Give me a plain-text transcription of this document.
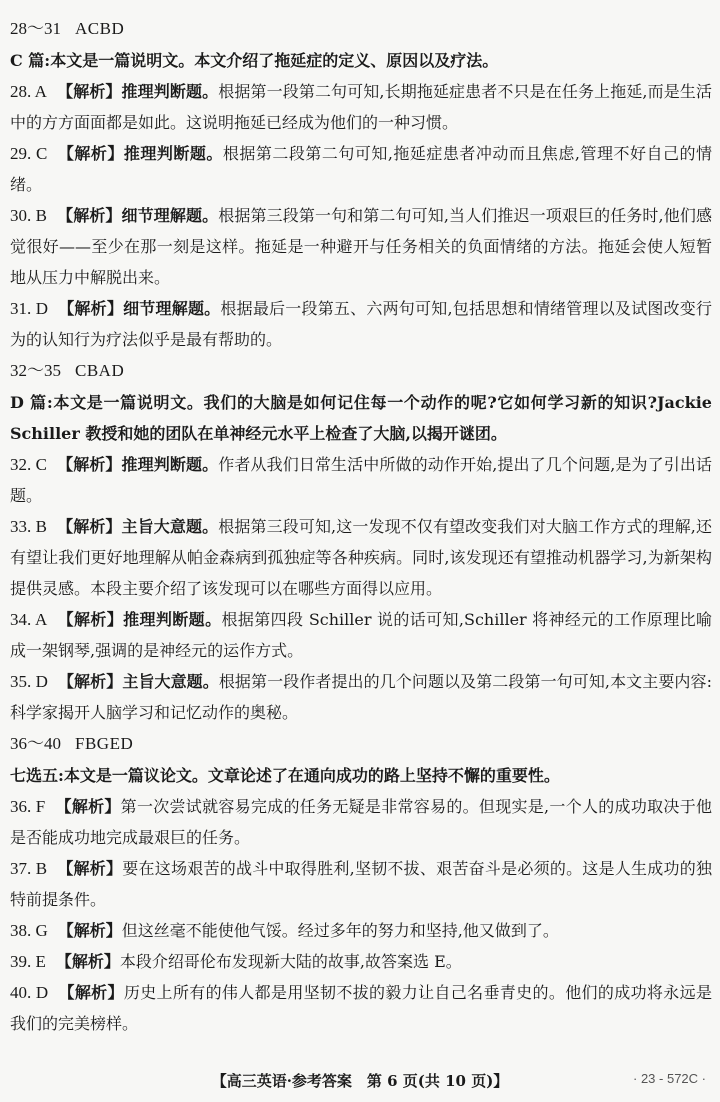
28～31 ACBD
C 篇:本文是一篇说明文。本文介绍了拖延症的定义、原因以及疗法。
28. A 【解析】推理判断题。根据第一段第二句可知,长期拖延症患者不只是在任务上拖延,而是生活中的方方面面都是如此。这说明拖延已经成为他们的一种习惯。
29. C 【解析】推理判断题。根据第二段第二句可知,拖延症患者冲动而且焦虑,管理不好自己的情绪。
30. B 【解析】细节理解题。根据第三段第一句和第二句可知,当人们推迟一项艰巨的任务时,他们感觉很好——至少在那一刻是这样。拖延是一种避开与任务相关的负面情绪的方法。拖延会使人短暂地从压力中解脱出来。
31. D 【解析】细节理解题。根据最后一段第五、六两句可知,包括思想和情绪管理以及试图改变行为的认知行为疗法似乎是最有帮助的。
32～35 CBAD
D 篇:本文是一篇说明文。我们的大脑是如何记住每一个动作的呢?它如何学习新的知识?Jackie Schiller 教授和她的团队在单神经元水平上检查了大脑,以揭开谜团。
32. C 【解析】推理判断题。作者从我们日常生活中所做的动作开始,提出了几个问题,是为了引出话题。
33. B 【解析】主旨大意题。根据第三段可知,这一发现不仅有望改变我们对大脑工作方式的理解,还有望让我们更好地理解从帕金森病到孤独症等各种疾病。同时,该发现还有望推动机器学习,为新架构提供灵感。本段主要介绍了该发现可以在哪些方面得以应用。
34. A 【解析】推理判断题。根据第四段 Schiller 说的话可知,Schiller 将神经元的工作原理比喻成一架钢琴,强调的是神经元的运作方式。
35. D 【解析】主旨大意题。根据第一段作者提出的几个问题以及第二段第一句可知,本文主要内容:科学家揭开人脑学习和记忆动作的奥秘。
36～40 FBGED
七选五:本文是一篇议论文。文章论述了在通向成功的路上坚持不懈的重要性。
36. F 【解析】第一次尝试就容易完成的任务无疑是非常容易的。但现实是,一个人的成功取决于他是否能成功地完成最艰巨的任务。
37. B 【解析】要在这场艰苦的战斗中取得胜利,坚韧不拔、艰苦奋斗是必须的。这是人生成功的独特前提条件。
38. G 【解析】但这丝毫不能使他气馁。经过多年的努力和坚持,他又做到了。
39. E 【解析】本段介绍哥伦布发现新大陆的故事,故答案选 E。
40. D 【解析】历史上所有的伟人都是用坚韧不拔的毅力让自己名垂青史的。他们的成功将永远是我们的完美榜样。
【高三英语·参考答案　第 6 页(共 10 页)】	· 23 - 572C ·
